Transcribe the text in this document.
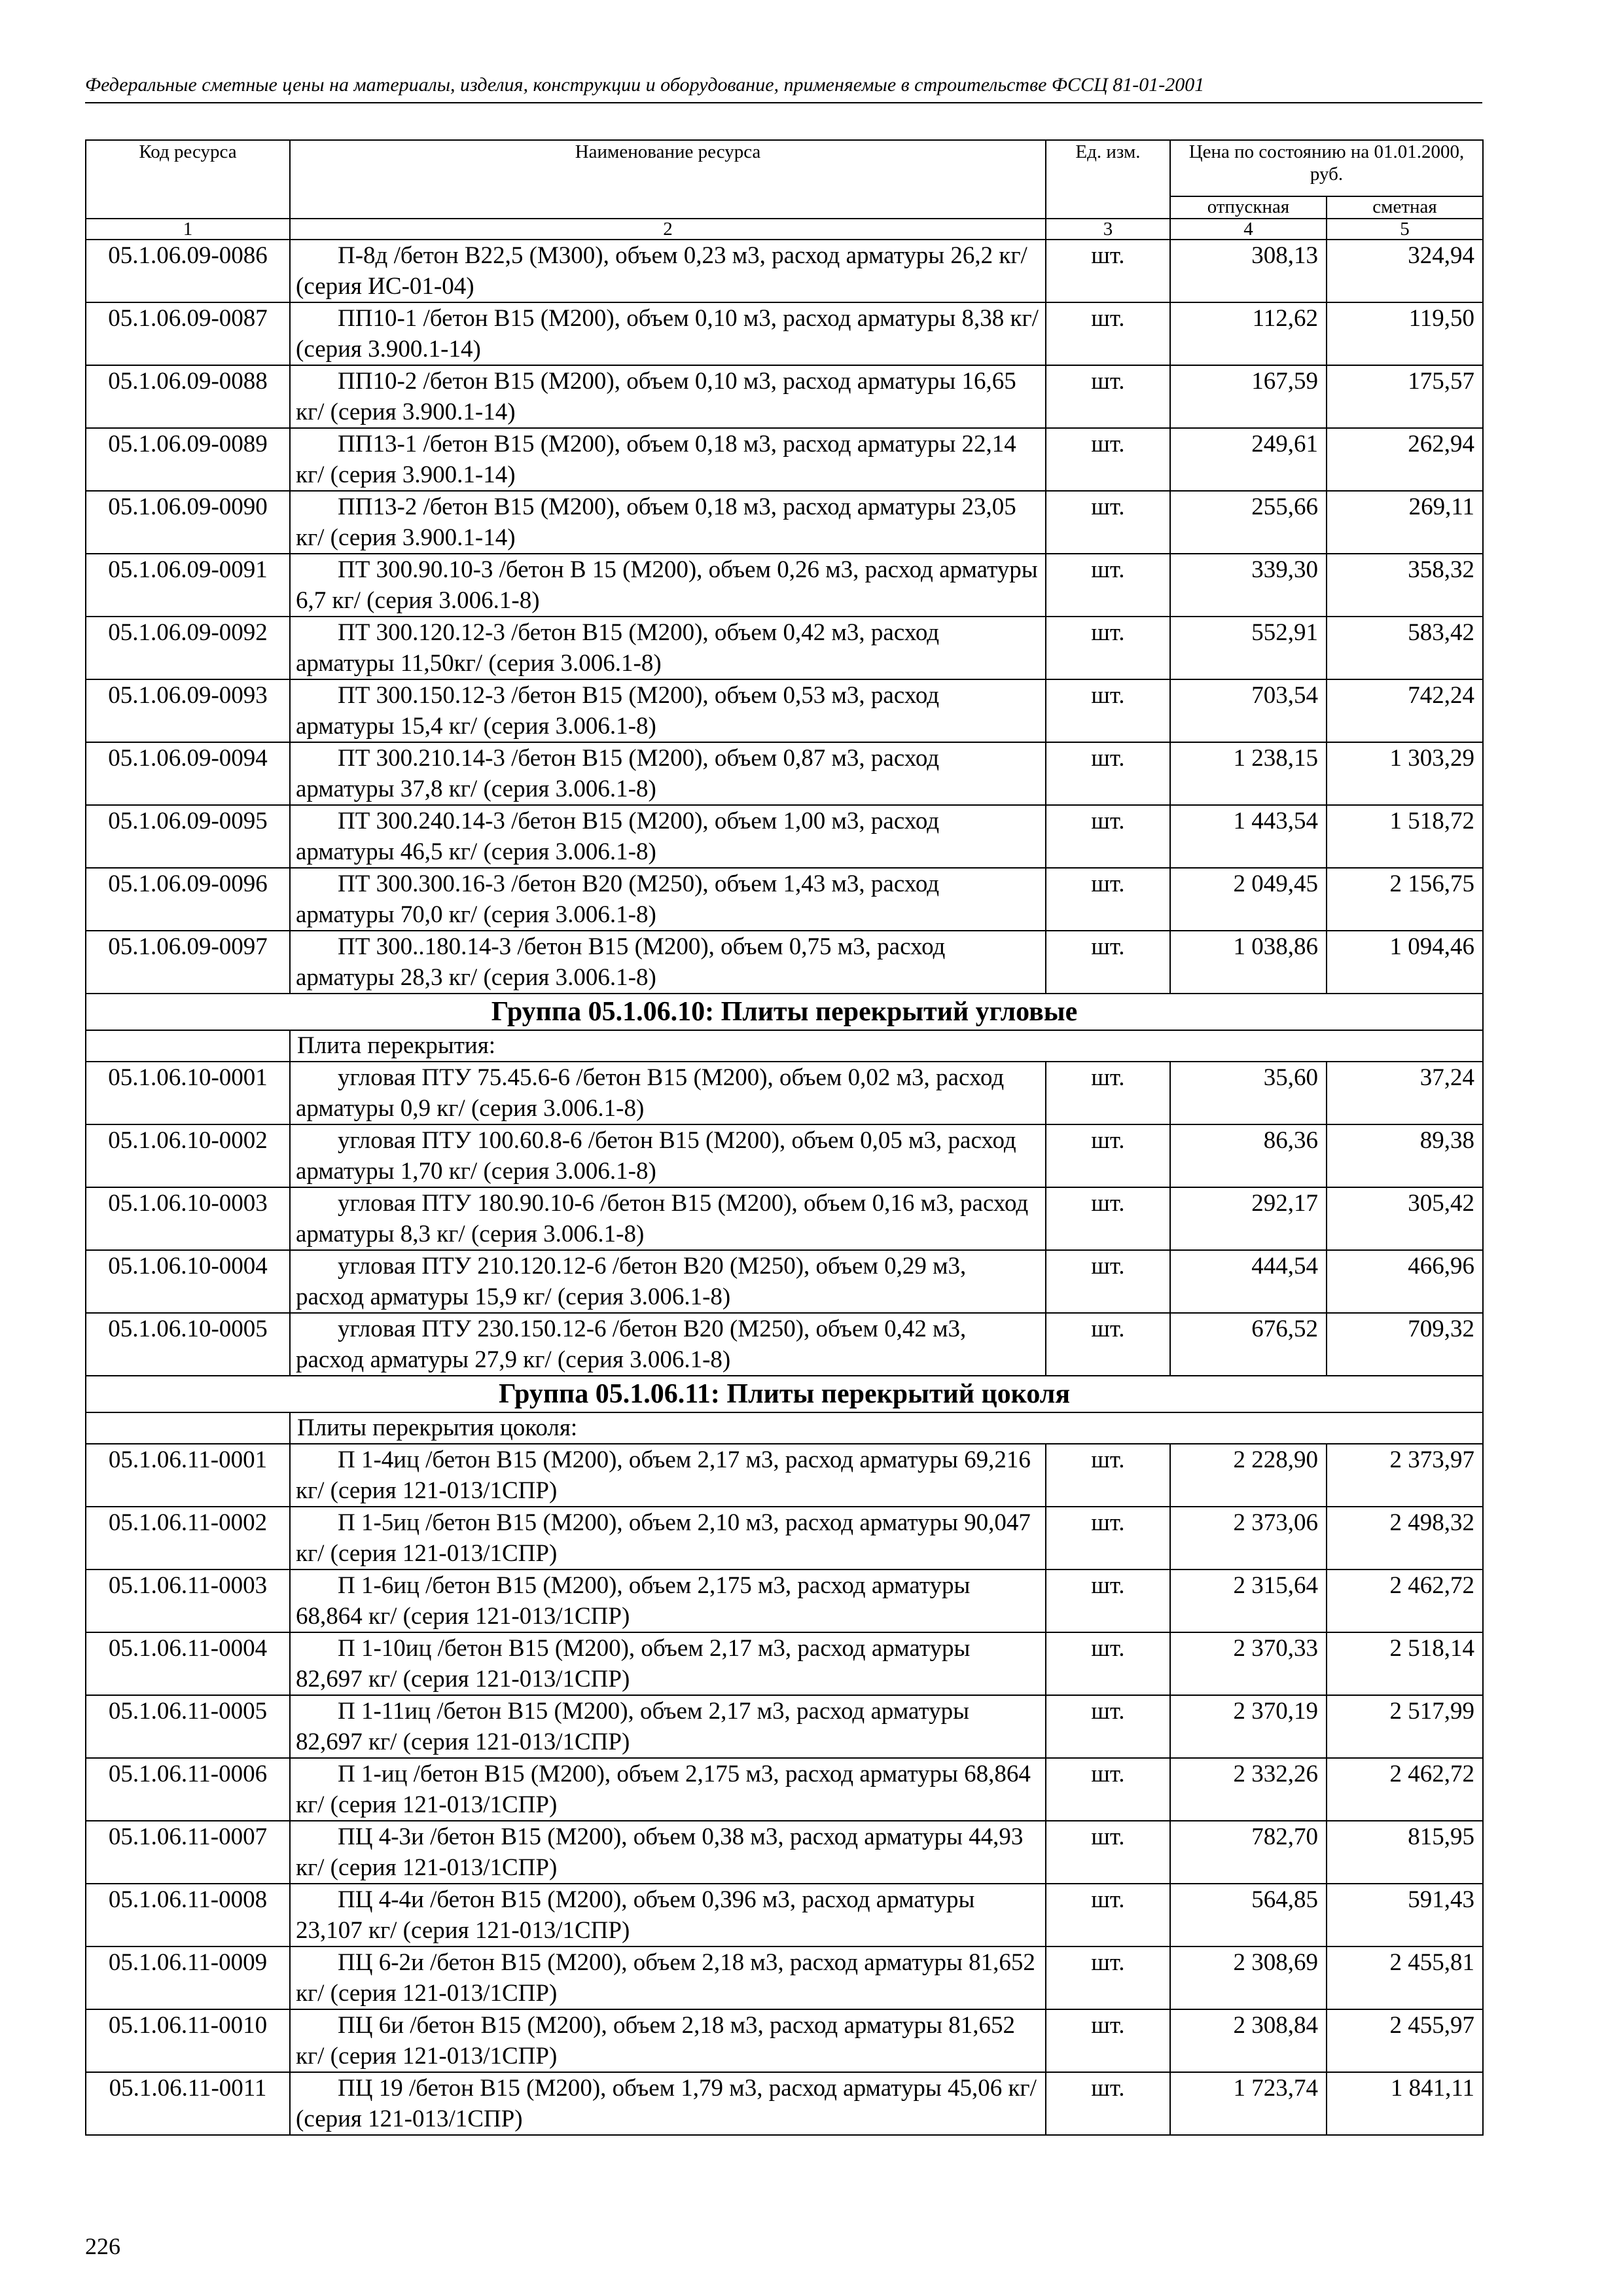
Федеральные сметные цены на материалы, изделия, конструкции и оборудование, применяемые в строительстве ФССЦ 81-01-2001
Код ресурса	Наименование ресурса	Ед. изм.	Цена по состоянию на 01.01.2000, руб.	
			отпускная	сметная
1	2	3	4	5
05.1.06.09-0086	П-8д /бетон В22,5 (М300), объем 0,23 м3, расход арматуры 26,2 кг/ (серия ИС-01-04)	шт.	308,13	324,94
05.1.06.09-0087	ПП10-1 /бетон В15 (М200), объем 0,10 м3, расход арматуры 8,38 кг/ (серия 3.900.1-14)	шт.	112,62	119,50
05.1.06.09-0088	ПП10-2 /бетон В15 (М200), объем 0,10 м3, расход арматуры 16,65 кг/ (серия 3.900.1-14)	шт.	167,59	175,57
05.1.06.09-0089	ПП13-1 /бетон В15 (М200), объем 0,18 м3, расход арматуры 22,14 кг/ (серия 3.900.1-14)	шт.	249,61	262,94
05.1.06.09-0090	ПП13-2 /бетон В15 (М200), объем 0,18 м3, расход арматуры 23,05 кг/ (серия 3.900.1-14)	шт.	255,66	269,11
05.1.06.09-0091	ПТ 300.90.10-3 /бетон В 15 (М200), объем 0,26 м3, расход арматуры 6,7 кг/ (серия 3.006.1-8)	шт.	339,30	358,32
05.1.06.09-0092	ПТ 300.120.12-3 /бетон В15 (М200), объем 0,42 м3, расход арматуры 11,50кг/ (серия 3.006.1-8)	шт.	552,91	583,42
05.1.06.09-0093	ПТ 300.150.12-3 /бетон В15 (М200), объем 0,53 м3, расход арматуры 15,4 кг/ (серия 3.006.1-8)	шт.	703,54	742,24
05.1.06.09-0094	ПТ 300.210.14-3 /бетон В15 (М200), объем 0,87 м3, расход арматуры 37,8 кг/ (серия 3.006.1-8)	шт.	1 238,15	1 303,29
05.1.06.09-0095	ПТ 300.240.14-3 /бетон В15 (М200), объем 1,00 м3, расход арматуры 46,5 кг/ (серия 3.006.1-8)	шт.	1 443,54	1 518,72
05.1.06.09-0096	ПТ 300.300.16-3 /бетон В20 (М250), объем 1,43 м3, расход арматуры 70,0 кг/ (серия 3.006.1-8)	шт.	2 049,45	2 156,75
05.1.06.09-0097	ПТ 300..180.14-3 /бетон В15 (М200), объем 0,75 м3, расход арматуры 28,3 кг/ (серия 3.006.1-8)	шт.	1 038,86	1 094,46
Группа 05.1.06.10: Плиты перекрытий угловые				
	Плита перекрытия:			
05.1.06.10-0001	угловая ПТУ 75.45.6-6 /бетон В15 (М200), объем 0,02 м3, расход арматуры 0,9 кг/ (серия 3.006.1-8)	шт.	35,60	37,24
05.1.06.10-0002	угловая ПТУ 100.60.8-6 /бетон В15 (М200), объем 0,05 м3, расход арматуры 1,70 кг/ (серия 3.006.1-8)	шт.	86,36	89,38
05.1.06.10-0003	угловая ПТУ 180.90.10-6 /бетон В15 (М200), объем 0,16 м3, расход арматуры 8,3 кг/ (серия 3.006.1-8)	шт.	292,17	305,42
05.1.06.10-0004	угловая ПТУ 210.120.12-6 /бетон В20 (М250), объем 0,29 м3, расход арматуры 15,9 кг/ (серия 3.006.1-8)	шт.	444,54	466,96
05.1.06.10-0005	угловая ПТУ 230.150.12-6 /бетон В20 (М250), объем 0,42 м3, расход арматуры 27,9 кг/ (серия 3.006.1-8)	шт.	676,52	709,32
Группа 05.1.06.11: Плиты перекрытий цоколя				
	Плиты перекрытия цоколя:			
05.1.06.11-0001	П 1-4иц /бетон В15 (М200), объем 2,17 м3, расход арматуры 69,216 кг/ (серия 121-013/1СПР)	шт.	2 228,90	2 373,97
05.1.06.11-0002	П 1-5иц /бетон В15 (М200), объем 2,10 м3, расход арматуры 90,047 кг/ (серия 121-013/1СПР)	шт.	2 373,06	2 498,32
05.1.06.11-0003	П 1-6иц /бетон В15 (М200), объем 2,175 м3, расход арматуры 68,864 кг/ (серия 121-013/1СПР)	шт.	2 315,64	2 462,72
05.1.06.11-0004	П 1-10иц /бетон В15 (М200), объем 2,17 м3, расход арматуры 82,697 кг/ (серия 121-013/1СПР)	шт.	2 370,33	2 518,14
05.1.06.11-0005	П 1-11иц /бетон В15 (М200), объем 2,17 м3, расход арматуры 82,697 кг/ (серия 121-013/1СПР)	шт.	2 370,19	2 517,99
05.1.06.11-0006	П 1-иц /бетон В15 (М200), объем 2,175 м3, расход арматуры 68,864 кг/ (серия 121-013/1СПР)	шт.	2 332,26	2 462,72
05.1.06.11-0007	ПЦ 4-3и /бетон В15 (М200), объем 0,38 м3, расход арматуры 44,93 кг/ (серия 121-013/1СПР)	шт.	782,70	815,95
05.1.06.11-0008	ПЦ 4-4и /бетон В15 (М200), объем 0,396 м3, расход арматуры 23,107 кг/ (серия 121-013/1СПР)	шт.	564,85	591,43
05.1.06.11-0009	ПЦ 6-2и /бетон В15 (М200), объем 2,18 м3, расход арматуры 81,652 кг/ (серия 121-013/1СПР)	шт.	2 308,69	2 455,81
05.1.06.11-0010	ПЦ 6и /бетон В15 (М200), объем 2,18 м3, расход арматуры 81,652 кг/ (серия 121-013/1СПР)	шт.	2 308,84	2 455,97
05.1.06.11-0011	ПЦ 19 /бетон В15 (М200), объем 1,79 м3, расход арматуры 45,06 кг/ (серия 121-013/1СПР)	шт.	1 723,74	1 841,11
226
